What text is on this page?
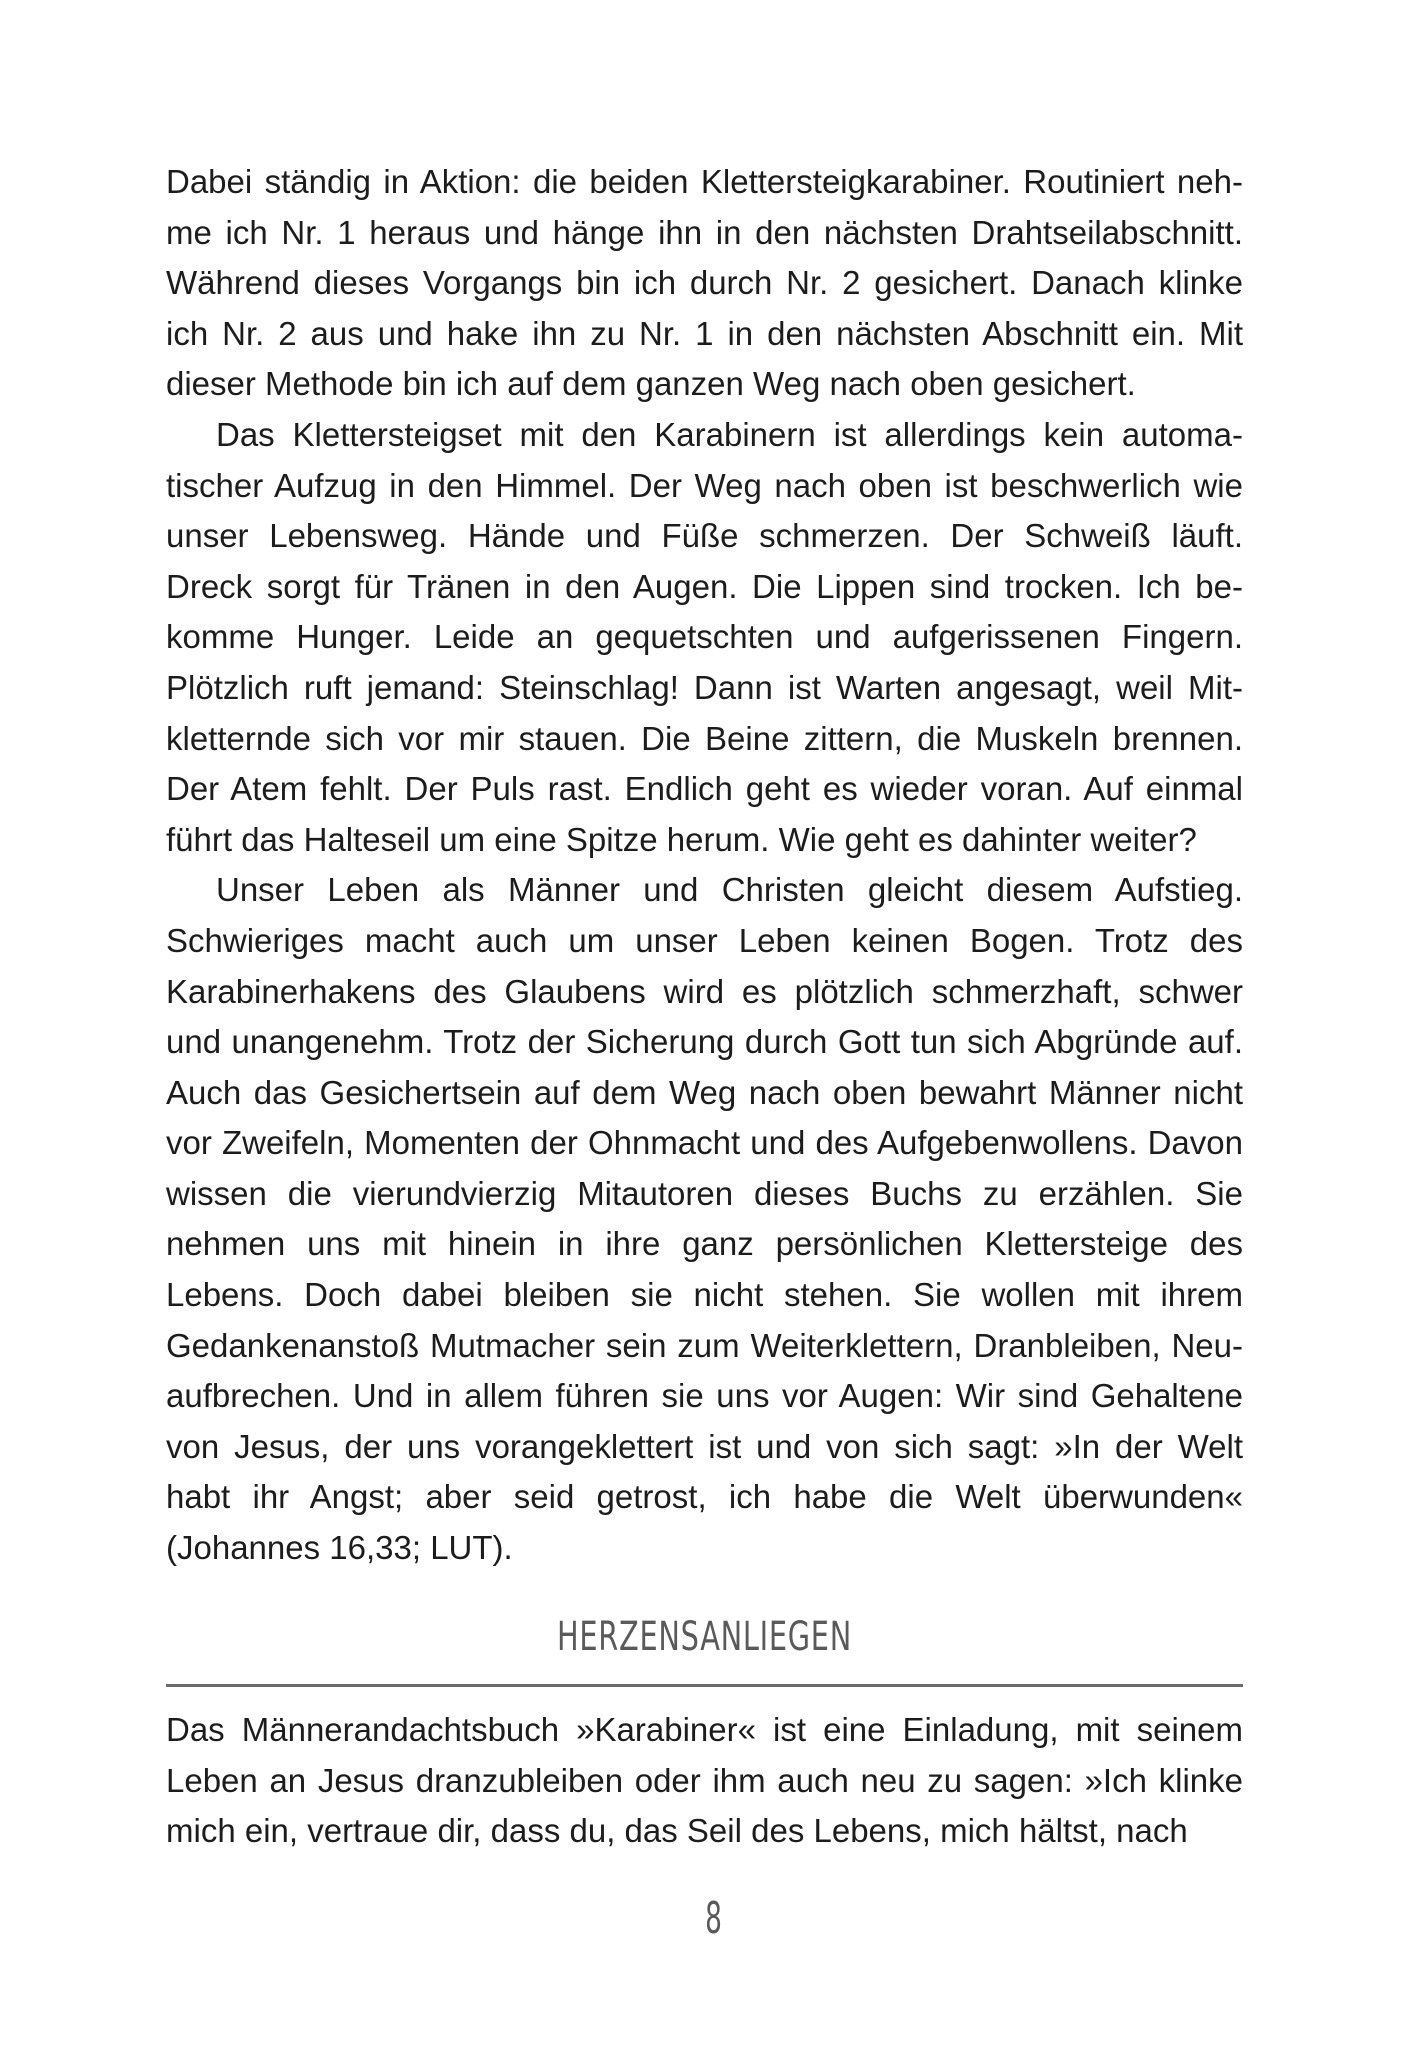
Dabei ständig in Aktion: die beiden Klettersteigkarabiner. Routiniert nehme ich Nr. 1 heraus und hänge ihn in den nächsten Drahtseilabschnitt. Während dieses Vorgangs bin ich durch Nr. 2 gesichert. Danach klinke ich Nr. 2 aus und hake ihn zu Nr. 1 in den nächsten Abschnitt ein. Mit dieser Methode bin ich auf dem ganzen Weg nach oben gesichert.

Das Klettersteigset mit den Karabinern ist allerdings kein automatischer Aufzug in den Himmel. Der Weg nach oben ist beschwerlich wie unser Lebensweg. Hände und Füße schmerzen. Der Schweiß läuft. Dreck sorgt für Tränen in den Augen. Die Lippen sind trocken. Ich bekomme Hunger. Leide an gequetschten und aufgerissenen Fingern. Plötzlich ruft jemand: Steinschlag! Dann ist Warten angesagt, weil Mitkletternde sich vor mir stauen. Die Beine zittern, die Muskeln brennen. Der Atem fehlt. Der Puls rast. Endlich geht es wieder voran. Auf einmal führt das Halteseil um eine Spitze herum. Wie geht es dahinter weiter?

Unser Leben als Männer und Christen gleicht diesem Aufstieg. Schwieriges macht auch um unser Leben keinen Bogen. Trotz des Karabinerhakens des Glaubens wird es plötzlich schmerzhaft, schwer und unangenehm. Trotz der Sicherung durch Gott tun sich Abgründe auf. Auch das Gesichertsein auf dem Weg nach oben bewahrt Männer nicht vor Zweifeln, Momenten der Ohnmacht und des Aufgebenwollens. Davon wissen die vierundvierzig Mitautoren dieses Buchs zu erzählen. Sie nehmen uns mit hinein in ihre ganz persönlichen Klettersteige des Lebens. Doch dabei bleiben sie nicht stehen. Sie wollen mit ihrem Gedankenanstoß Mutmacher sein zum Weiterklettern, Dranbleiben, Neu-aufbrechen. Und in allem führen sie uns vor Augen: Wir sind Gehaltene von Jesus, der uns vorangeklettert ist und von sich sagt: »In der Welt habt ihr Angst; aber seid getrost, ich habe die Welt überwunden« (Johannes 16,33; LUT).

HERZENSANLIEGEN

Das Männerandachtsbuch »Karabiner« ist eine Einladung, mit seinem Leben an Jesus dranzubleiben oder ihm auch neu zu sagen: »Ich klinke mich ein, vertraue dir, dass du, das Seil des Lebens, mich hältst, nach

8
